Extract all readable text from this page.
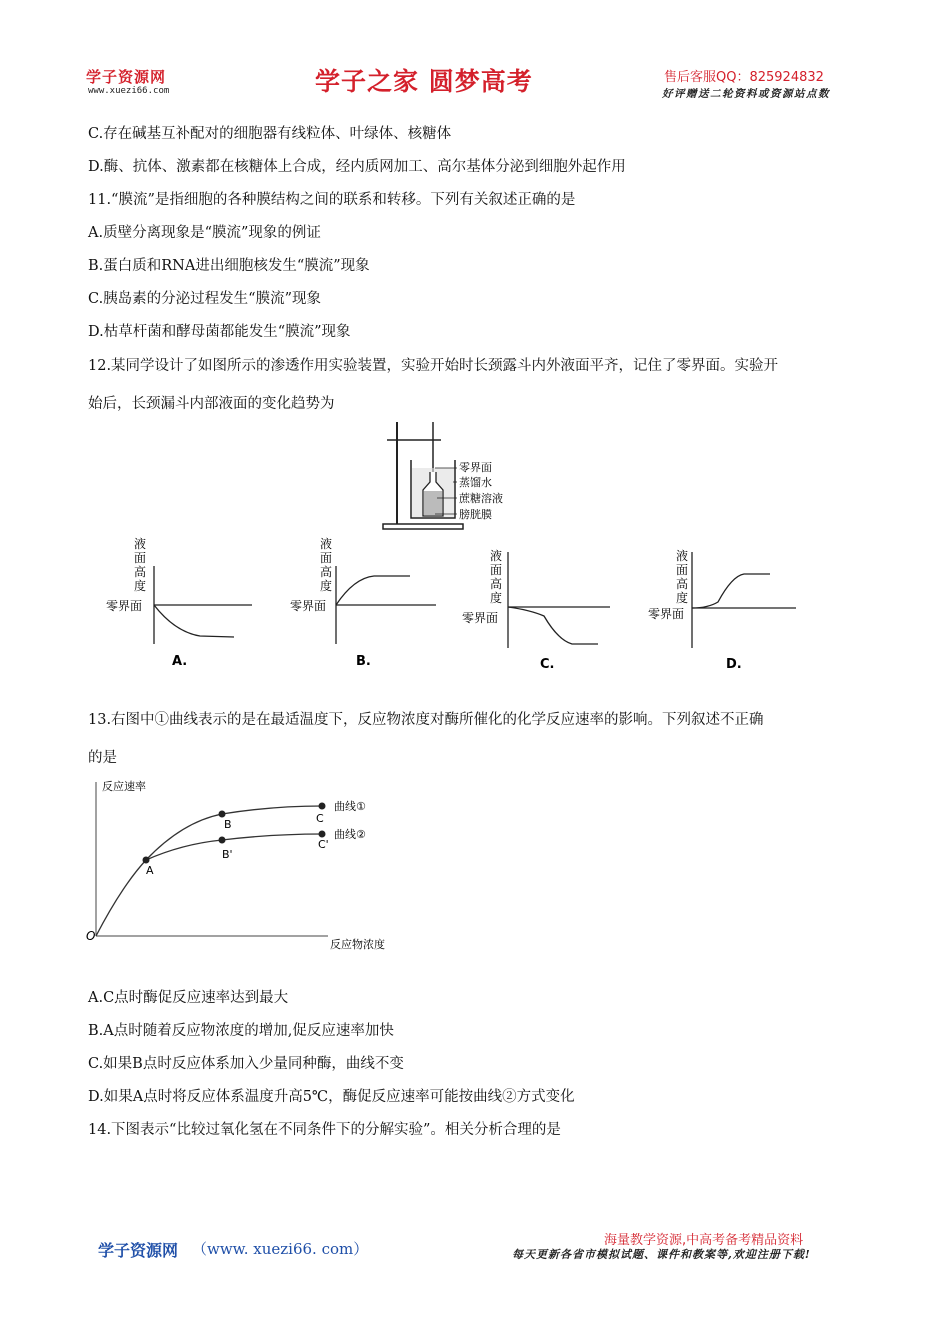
学子资源网
www.xuezi66.com	学子之家 圆梦高考	售后客服QQ：825924832
好评赠送二轮资料或资源站点数
C.存在碱基互补配对的细胞器有线粒体、叶绿体、核糖体
D.酶、抗体、激素都在核糖体上合成，经内质网加工、高尔基体分泌到细胞外起作用
11.“膜流”是指细胞的各种膜结构之间的联系和转移。下列有关叙述正确的是
A.质壁分离现象是“膜流”现象的例证
B.蛋白质和RNA进出细胞核发生“膜流”现象
C.胰岛素的分泌过程发生“膜流”现象
D.枯草杆菌和酵母菌都能发生“膜流”现象
12.某同学设计了如图所示的渗透作用实验装置，实验开始时长颈露斗内外液面平齐，记住了零界面。实验开
始后，长颈漏斗内部液面的变化趋势为
零界面
蒸馏水
蔗糖溶液
膀胱膜
液
面
高
度
零界面
A.
液
面
高
度
零界面
B.
液
面
高
度
零界面
C.
液
面
高
度
零界面
D.
13.右图中①曲线表示的是在最适温度下，反应物浓度对酶所催化的化学反应速率的影响。下列叙述不正确
的是
反应速率
反应物浓度
O
A
B	C
B'
C'
曲线①
曲线②
A.C点时酶促反应速率达到最大
B.A点时随着反应物浓度的增加,促反应速率加快
C.如果B点时反应体系加入少量同种酶，曲线不变
D.如果A点时将反应体系温度升高5℃，酶促反应速率可能按曲线②方式变化
14.下图表示“比较过氧化氢在不同条件下的分解实验”。相关分析合理的是
学子资源网 （www. xuezi66. com）	海量教学资源,中高考备考精品资料
每天更新各省市模拟试题、课件和教案等,欢迎注册下载!
